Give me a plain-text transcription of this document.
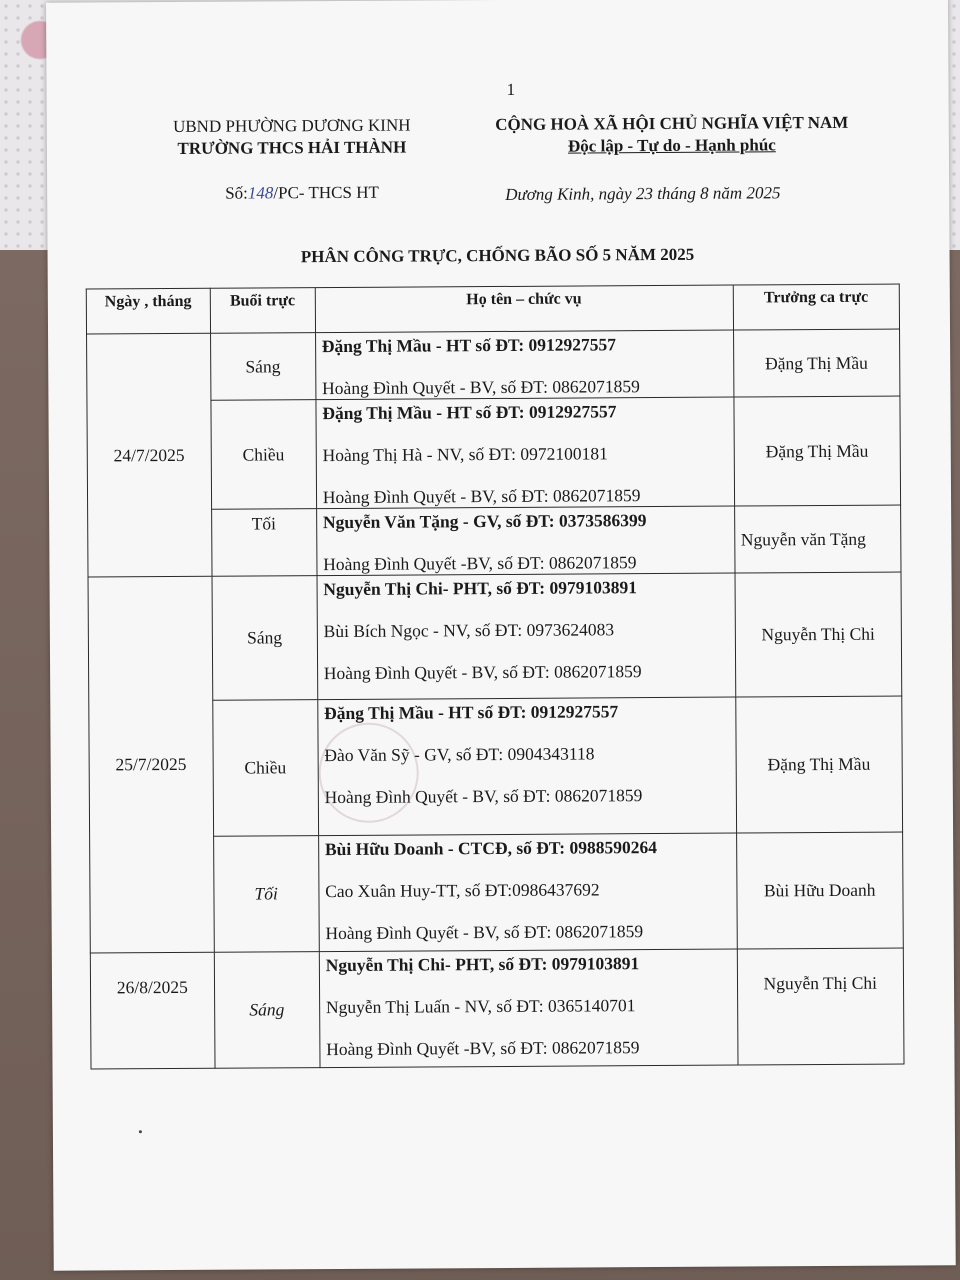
1
UBND PHƯỜNG DƯƠNG KINH
TRƯỜNG THCS HẢI THÀNH
CỘNG HOÀ XÃ HỘI CHỦ NGHĨA VIỆT NAM
Độc lập - Tự do - Hạnh phúc
Số:148/PC- THCS HT	Dương Kinh, ngày 23 tháng 8 năm 2025
PHÂN CÔNG TRỰC, CHỐNG BÃO SỐ 5 NĂM 2025
Ngày , tháng	Buổi trực	Họ tên – chức vụ	Trưởng ca trực
24/7/2025	Sáng	Đặng Thị Mầu - HT số ĐT: 0912927557
Hoàng Đình Quyết - BV, số ĐT: 0862071859	Đặng Thị Mầu
	Chiều	Đặng Thị Mầu - HT số ĐT: 0912927557
Hoàng Thị Hà - NV, số ĐT: 0972100181
Hoàng Đình Quyết - BV, số ĐT: 0862071859	Đặng Thị Mầu
	Tối	Nguyễn Văn Tặng - GV, số ĐT: 0373586399
Hoàng Đình Quyết -BV, số ĐT: 0862071859	Nguyễn văn Tặng
25/7/2025	Sáng	Nguyễn Thị Chi- PHT, số ĐT: 0979103891
Bùi Bích Ngọc - NV, số ĐT: 0973624083
Hoàng Đình Quyết - BV, số ĐT: 0862071859	Nguyễn Thị Chi
	Chiều	Đặng Thị Mầu - HT số ĐT: 0912927557
Đào Văn Sỹ - GV, số ĐT: 0904343118
Hoàng Đình Quyết - BV, số ĐT: 0862071859	Đặng Thị Mầu
	Tối	Bùi Hữu Doanh - CTCĐ, số ĐT: 0988590264
Cao Xuân Huy-TT, số ĐT:0986437692
Hoàng Đình Quyết - BV, số ĐT: 0862071859	Bùi Hữu Doanh
26/8/2025	Sáng	Nguyễn Thị Chi- PHT, số ĐT: 0979103891
Nguyễn Thị Luấn - NV, số ĐT: 0365140701
Hoàng Đình Quyết -BV, số ĐT: 0862071859	Nguyễn Thị Chi
